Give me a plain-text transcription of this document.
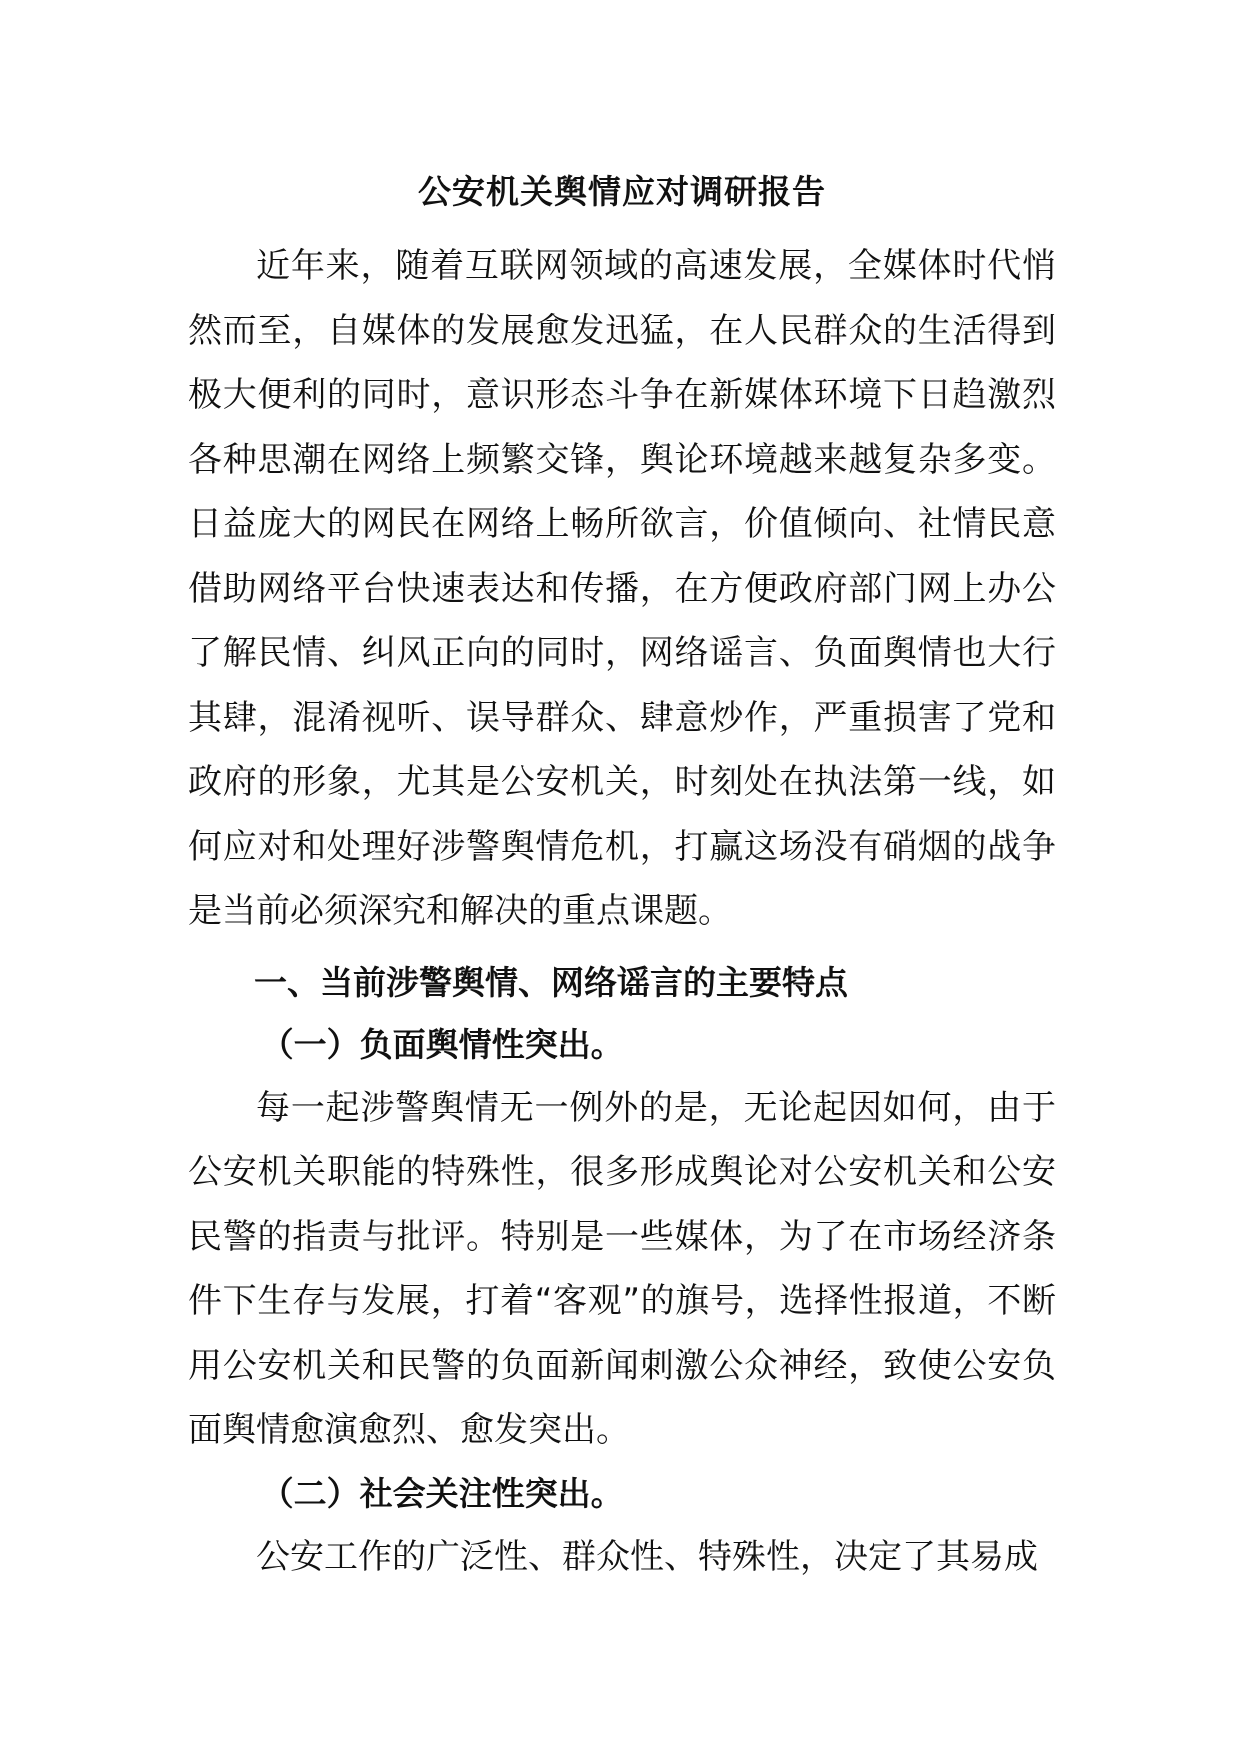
公安机关舆情应对调研报告

近年来，随着互联网领域的高速发展，全媒体时代悄然而至，自媒体的发展愈发迅猛，在人民群众的生活得到极大便利的同时，意识形态斗争在新媒体环境下日趋激烈各种思潮在网络上频繁交锋，舆论环境越来越复杂多变。日益庞大的网民在网络上畅所欲言，价值倾向、社情民意借助网络平台快速表达和传播，在方便政府部门网上办公了解民情、纠风正向的同时，网络谣言、负面舆情也大行其肆，混淆视听、误导群众、肆意炒作，严重损害了党和政府的形象，尤其是公安机关，时刻处在执法第一线，如何应对和处理好涉警舆情危机，打赢这场没有硝烟的战争是当前必须深究和解决的重点课题。

一、当前涉警舆情、网络谣言的主要特点
（一）负面舆情性突出。

每一起涉警舆情无一例外的是，无论起因如何，由于公安机关职能的特殊性，很多形成舆论对公安机关和公安民警的指责与批评。特别是一些媒体，为了在市场经济条件下生存与发展，打着“客观”的旗号，选择性报道，不断用公安机关和民警的负面新闻刺激公众神经，致使公安负面舆情愈演愈烈、愈发突出。

（二）社会关注性突出。

公安工作的广泛性、群众性、特殊性，决定了其易成
